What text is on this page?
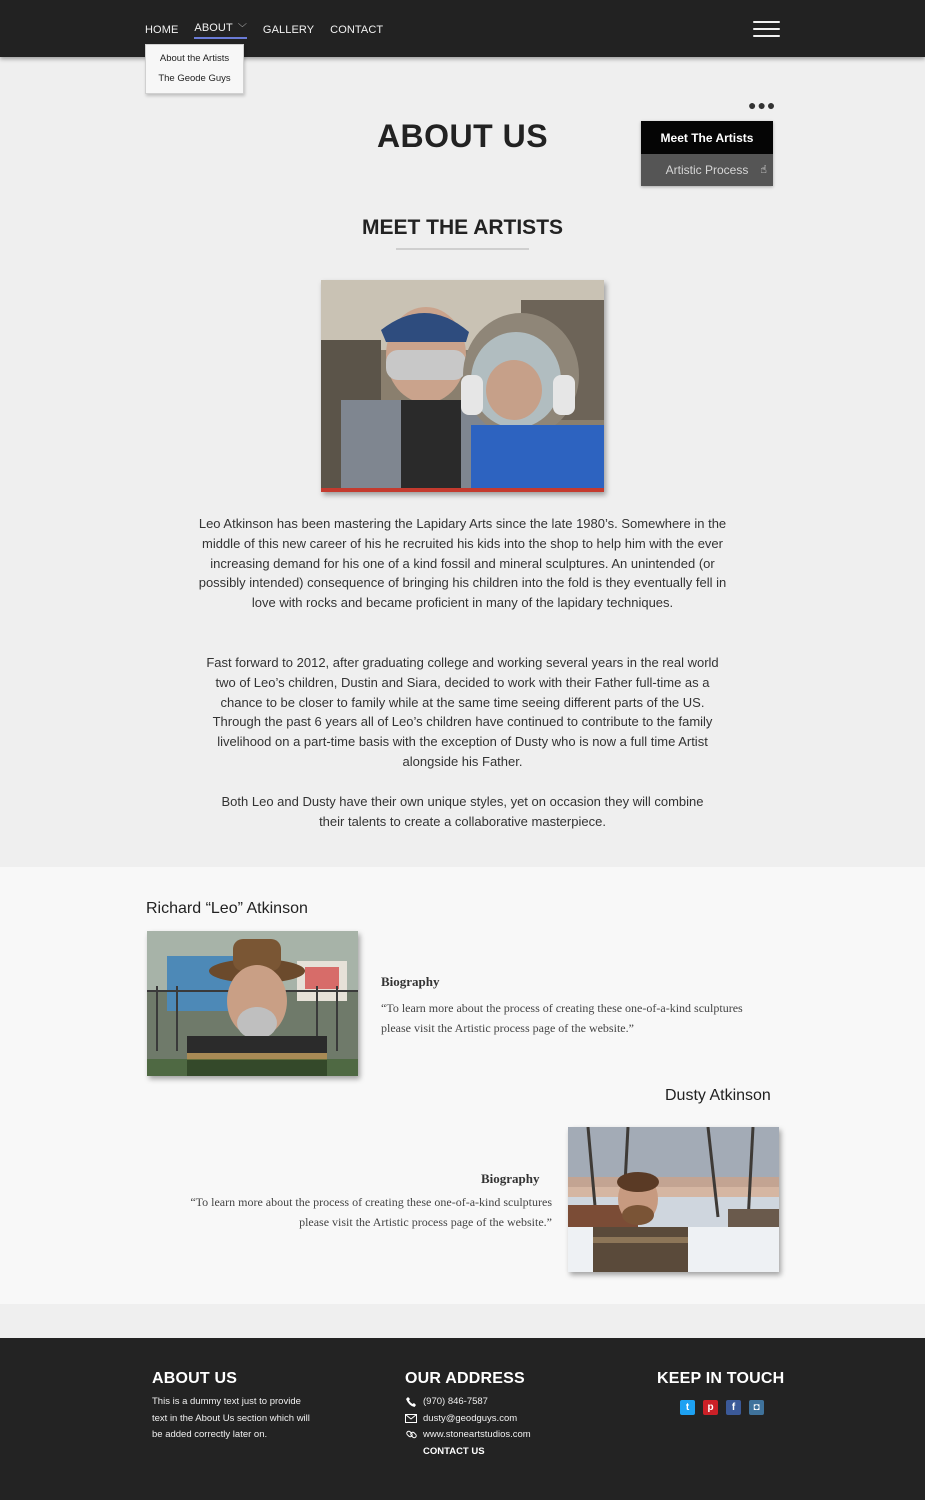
HOME ABOUT ﹀ GALLERY CONTACT
About the Artists
The Geode Guys
●●●
ABOUT US	Meet The Artists
Artistic Process ☝
MEET THE ARTISTS

Leo Atkinson has been mastering the Lapidary Arts since the late 1980’s. Somewhere in the middle of this new career of his he recruited his kids into the shop to help him with the ever increasing demand for his one of a kind fossil and mineral sculptures. An unintended (or possibly intended) consequence of bringing his children into the fold is they eventually fell in love with rocks and became proficient in many of the lapidary techniques.

Fast forward to 2012, after graduating college and working several years in the real world two of Leo’s children, Dustin and Siara, decided to work with their Father full-time as a chance to be closer to family while at the same time seeing different parts of the US. Through the past 6 years all of Leo’s children have continued to contribute to the family livelihood on a part-time basis with the exception of Dusty who is now a full time Artist alongside his Father.

Both Leo and Dusty have their own unique styles, yet on occasion they will combine their talents to create a collaborative masterpiece.

Richard “Leo” Atkinson
Biography
“To learn more about the process of creating these one-of-a-kind sculptures please visit the Artistic process page of the website.”
Dusty Atkinson
Biography
“To learn more about the process of creating these one-of-a-kind sculptures please visit the Artistic process page of the website.”
ABOUT US
This is a dummy text just to provide text in the About Us section which will be added correctly later on.
OUR ADDRESS
(970) 846-7587
dusty@geodguys.com
www.stoneartstudios.com
CONTACT US
KEEP IN TOUCH
t	p	f	◘
